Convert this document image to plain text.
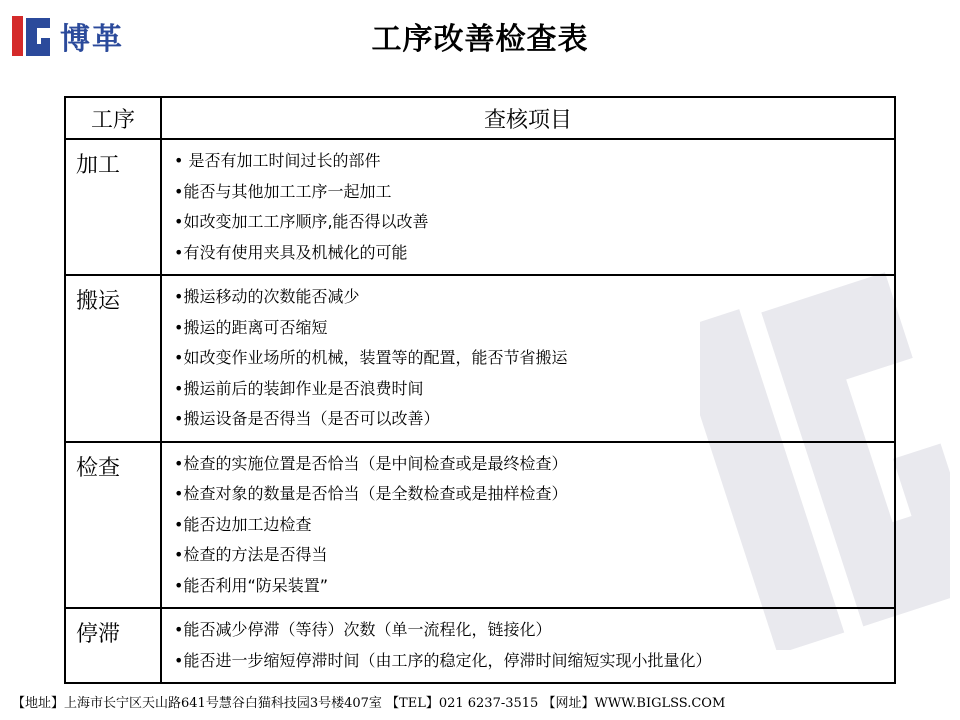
博革	工序改善检查表
工序	查核项目
加工	• 是否有加工时间过长的部件
•能否与其他加工工序一起加工
•如改变加工工序顺序,能否得以改善
•有没有使用夹具及机械化的可能

搬运	•搬运移动的次数能否减少
•搬运的距离可否缩短
•如改变作业场所的机械，装置等的配置，能否节省搬运
•搬运前后的装卸作业是否浪费时间
•搬运设备是否得当（是否可以改善）

检查	•检查的实施位置是否恰当（是中间检查或是最终检查）
•检查对象的数量是否恰当（是全数检查或是抽样检查）
•能否边加工边检查
•检查的方法是否得当
•能否利用“防呆装置”

停滞	•能否减少停滞（等待）次数（单一流程化，链接化）
•能否进一步缩短停滞时间（由工序的稳定化，停滞时间缩短实现小批量化）
【地址】上海市长宁区天山路641号慧谷白猫科技园3号楼407室 【TEL】021 6237-3515 【网址】WWW.BIGLSS.COM
